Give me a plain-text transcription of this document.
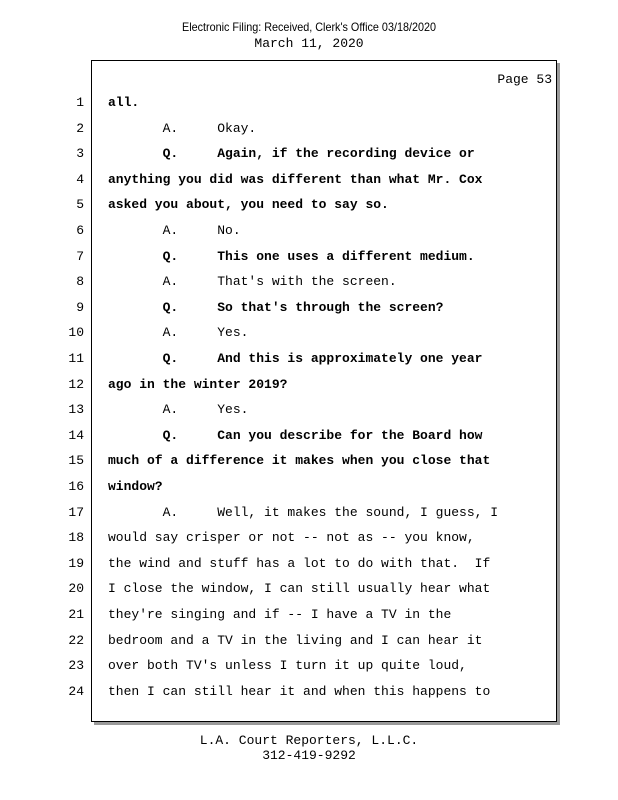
Electronic Filing: Received, Clerk's Office 03/18/2020
March 11, 2020
Page 53
1 all.
2 A.     Okay.
3 Q.     Again, if the recording device or
4 anything you did was different than what Mr. Cox
5 asked you about, you need to say so.
6 A.     No.
7 Q.     This one uses a different medium.
8 A.     That's with the screen.
9 Q.     So that's through the screen?
10 A.     Yes.
11 Q.     And this is approximately one year
12 ago in the winter 2019?
13 A.     Yes.
14 Q.     Can you describe for the Board how
15 much of a difference it makes when you close that
16 window?
17 A.     Well, it makes the sound, I guess, I
18 would say crisper or not -- not as -- you know,
19 the wind and stuff has a lot to do with that.  If
20 I close the window, I can still usually hear what
21 they're singing and if -- I have a TV in the
22 bedroom and a TV in the living and I can hear it
23 over both TV's unless I turn it up quite loud,
24 then I can still hear it and when this happens to
L.A. Court Reporters, L.L.C.
312-419-9292
